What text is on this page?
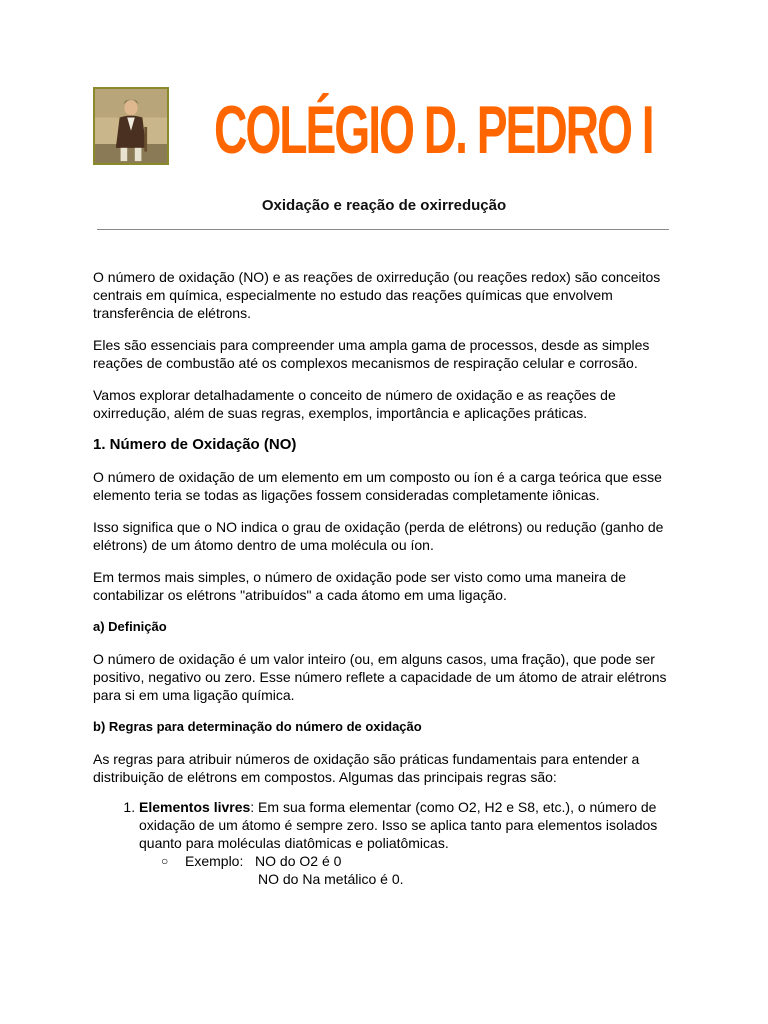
COLÉGIO D. PEDRO I
Oxidação e reação de oxirredução

O número de oxidação (NO) e as reações de oxirredução (ou reações redox) são conceitos centrais em química, especialmente no estudo das reações químicas que envolvem transferência de elétrons.

Eles são essenciais para compreender uma ampla gama de processos, desde as simples reações de combustão até os complexos mecanismos de respiração celular e corrosão.

Vamos explorar detalhadamente o conceito de número de oxidação e as reações de oxirredução, além de suas regras, exemplos, importância e aplicações práticas.

1. Número de Oxidação (NO)

O número de oxidação de um elemento em um composto ou íon é a carga teórica que esse elemento teria se todas as ligações fossem consideradas completamente iônicas.

Isso significa que o NO indica o grau de oxidação (perda de elétrons) ou redução (ganho de elétrons) de um átomo dentro de uma molécula ou íon.

Em termos mais simples, o número de oxidação pode ser visto como uma maneira de contabilizar os elétrons "atribuídos" a cada átomo em uma ligação.

a) Definição

O número de oxidação é um valor inteiro (ou, em alguns casos, uma fração), que pode ser positivo, negativo ou zero. Esse número reflete a capacidade de um átomo de atrair elétrons para si em uma ligação química.

b) Regras para determinação do número de oxidação

As regras para atribuir números de oxidação são práticas fundamentais para entender a distribuição de elétrons em compostos. Algumas das principais regras são:

1. Elementos livres: Em sua forma elementar (como O2, H2 e S8, etc.), o número de oxidação de um átomo é sempre zero. Isso se aplica tanto para elementos isolados quanto para moléculas diatômicas e poliatômicas.
○ Exemplo:   NO do O2 é 0
NO do Na metálico é 0.
